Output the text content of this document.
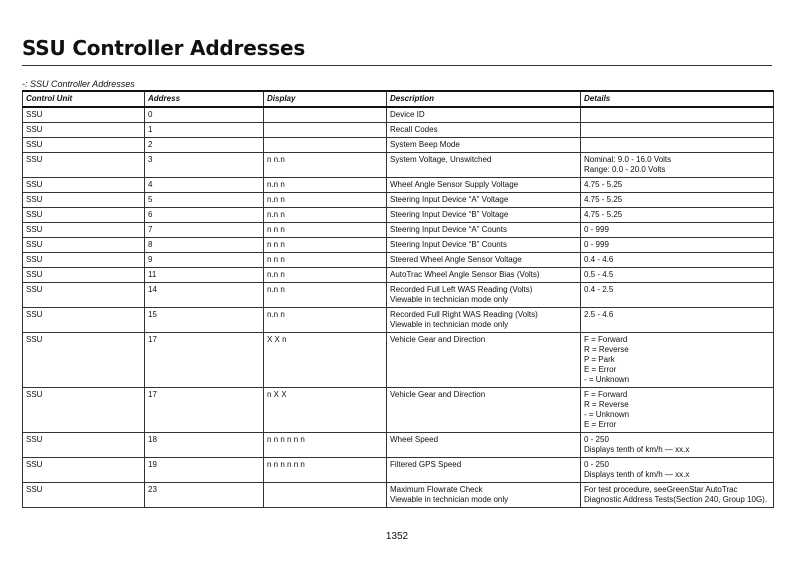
SSU Controller Addresses
-: SSU Controller Addresses
Control Unit	Address	Display	Description	Details
SSU	0		Device ID	

SSU	1		Recall Codes	

SSU	2		System Beep Mode	

SSU	3	n n.n	System Voltage, Unswitched	Nominal: 9.0 - 16.0 Volts
Range: 0.0 - 20.0 Volts

SSU	4	n.n n	Wheel Angle Sensor Supply Voltage	4.75 - 5.25

SSU	5	n.n n	Steering Input Device “A” Voltage	4.75 - 5.25

SSU	6	n.n n	Steering Input Device “B” Voltage	4.75 - 5.25

SSU	7	n n n	Steering Input Device “A” Counts	0 - 999

SSU	8	n n n	Steering Input Device “B” Counts	0 - 999

SSU	9	n n n	Steered Wheel Angle Sensor Voltage	0.4 - 4.6

SSU	11	n.n n	AutoTrac Wheel Angle Sensor Bias (Volts)	0.5 - 4.5

SSU	14	n.n n	Recorded Full Left WAS Reading (Volts)
Viewable in technician mode only	0.4 - 2.5

SSU	15	n.n n	Recorded Full Right WAS Reading (Volts)
Viewable in technician mode only	2.5 - 4.6

SSU	17	X X n	Vehicle Gear and Direction	F = Forward
R = Reverse
P = Park
E = Error
- = Unknown

SSU	17	n X X	Vehicle Gear and Direction	F = Forward
R = Reverse
- = Unknown
E = Error

SSU	18	n n n n n n	Wheel Speed	0 - 250
Displays tenth of km/h — xx.x

SSU	19	n n n n n n	Filtered GPS Speed	0 - 250
Displays tenth of km/h — xx.x

SSU	23		Maximum Flowrate Check
Viewable in technician mode only	For test procedure, seeGreenStar AutoTrac
Diagnostic Address Tests(Section 240, Group 10G).
1352
